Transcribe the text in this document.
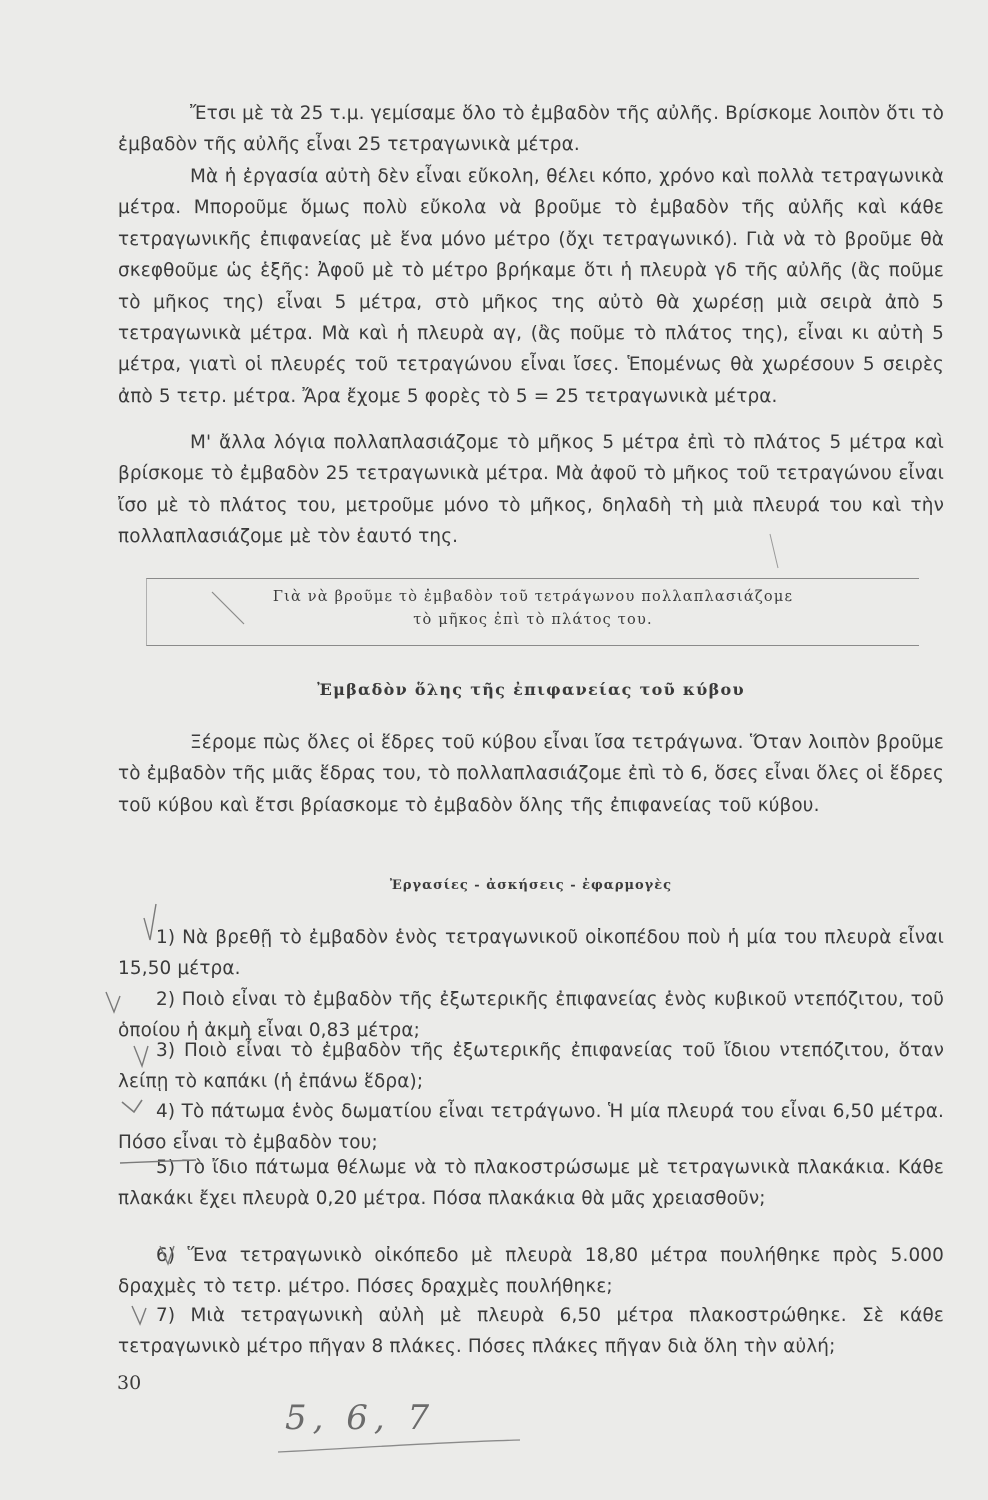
Ἔτσι μὲ τὰ 25 τ.μ. γεμίσαμε ὅλο τὸ ἐμβαδὸν τῆς αὐλῆς. Βρίσκομε λοιπὸν ὅτι τὸ ἐμβαδὸν τῆς αὐλῆς εἶναι 25 τετραγωνικὰ μέτρα.

Μὰ ἡ ἐργασία αὐτὴ δὲν εἶναι εὔκολη, θέλει κόπο, χρόνο καὶ πολλὰ τετραγωνικὰ μέτρα. Μποροῦμε ὅμως πολὺ εὔκολα νὰ βροῦμε τὸ ἐμβαδὸν τῆς αὐλῆς καὶ κάθε τετραγωνικῆς ἐπιφανείας μὲ ἕνα μόνο μέτρο (ὄχι τετραγωνικό). Γιὰ νὰ τὸ βροῦμε θὰ σκεφθοῦμε ὡς ἑξῆς: Ἀφοῦ μὲ τὸ μέτρο βρήκαμε ὅτι ἡ πλευρὰ γδ τῆς αὐλῆς (ἂς ποῦμε τὸ μῆκος της) εἶναι 5 μέτρα, στὸ μῆκος της αὐτὸ θὰ χωρέσῃ μιὰ σειρὰ ἀπὸ 5 τετραγωνικὰ μέτρα. Μὰ καὶ ἡ πλευρὰ αγ, (ἂς ποῦμε τὸ πλάτος της), εἶναι κι αὐτὴ 5 μέτρα, γιατὶ οἱ πλευρές τοῦ τετραγώνου εἶναι ἴσες. Ἑπομένως θὰ χωρέσουν 5 σειρὲς ἀπὸ 5 τετρ. μέτρα. Ἄρα ἔχομε 5 φορὲς τὸ 5 = 25 τετραγωνικὰ μέτρα.

Μ' ἄλλα λόγια πολλαπλασιάζομε τὸ μῆκος 5 μέτρα ἐπὶ τὸ πλάτος 5 μέτρα καὶ βρίσκομε τὸ ἐμβαδὸν 25 τετραγωνικὰ μέτρα. Μὰ ἀφοῦ τὸ μῆκος τοῦ τετραγώνου εἶναι ἴσο μὲ τὸ πλάτος του, μετροῦμε μόνο τὸ μῆκος, δηλαδὴ τὴ μιὰ πλευρά του καὶ τὴν πολλαπλασιάζομε μὲ τὸν ἑαυτό της.

Γιὰ νὰ βροῦμε τὸ ἐμβαδὸν τοῦ τετράγωνου πολλαπλασιάζομε
τὸ μῆκος ἐπὶ τὸ πλάτος του.
Ἐμβαδὸν ὅλης τῆς ἐπιφανείας τοῦ κύβου

Ξέρομε πὼς ὅλες οἱ ἕδρες τοῦ κύβου εἶναι ἴσα τετράγωνα. Ὅταν λοιπὸν βροῦμε τὸ ἐμβαδὸν τῆς μιᾶς ἕδρας του, τὸ πολλαπλασιάζομε ἐπὶ τὸ 6, ὅσες εἶναι ὅλες οἱ ἕδρες τοῦ κύβου καὶ ἔτσι βρίασκομε τὸ ἐμβαδὸν ὅλης τῆς ἐπιφανείας τοῦ κύβου.

Ἐργασίες - ἀσκήσεις - ἐφαρμογὲς

1) Νὰ βρεθῇ τὸ ἐμβαδὸν ἑνὸς τετραγωνικοῦ οἰκοπέδου ποὺ ἡ μία του πλευρὰ εἶναι 15,50 μέτρα.

2) Ποιὸ εἶναι τὸ ἐμβαδὸν τῆς ἐξωτερικῆς ἐπιφανείας ἑνὸς κυβικοῦ ντεπόζιτου, τοῦ ὁποίου ἡ ἀκμὴ εἶναι 0,83 μέτρα;

3) Ποιὸ εἶναι τὸ ἐμβαδὸν τῆς ἐξωτερικῆς ἐπιφανείας τοῦ ἴδιου ντεπόζιτου, ὅταν λείπῃ τὸ καπάκι (ἡ ἐπάνω ἕδρα);

4) Τὸ πάτωμα ἑνὸς δωματίου εἶναι τετράγωνο. Ἡ μία πλευρά του εἶναι 6,50 μέτρα. Πόσο εἶναι τὸ ἐμβαδὸν του;

5) Τὸ ἴδιο πάτωμα θέλωμε νὰ τὸ πλακοστρώσωμε μὲ τετραγωνικὰ πλακάκια. Κάθε πλακάκι ἔχει πλευρὰ 0,20 μέτρα. Πόσα πλακάκια θὰ μᾶς χρειασθοῦν;

6) Ἕνα τετραγωνικὸ οἰκόπεδο μὲ πλευρὰ 18,80 μέτρα πουλήθηκε πρὸς 5.000 δραχμὲς τὸ τετρ. μέτρο. Πόσες δραχμὲς πουλήθηκε;

7) Μιὰ τετραγωνικὴ αὐλὴ μὲ πλευρὰ 6,50 μέτρα πλακοστρώθηκε. Σὲ κάθε τετραγωνικὸ μέτρο πῆγαν 8 πλάκες. Πόσες πλάκες πῆγαν διὰ ὅλη τὴν αὐλή;

30
5, 6, 7
